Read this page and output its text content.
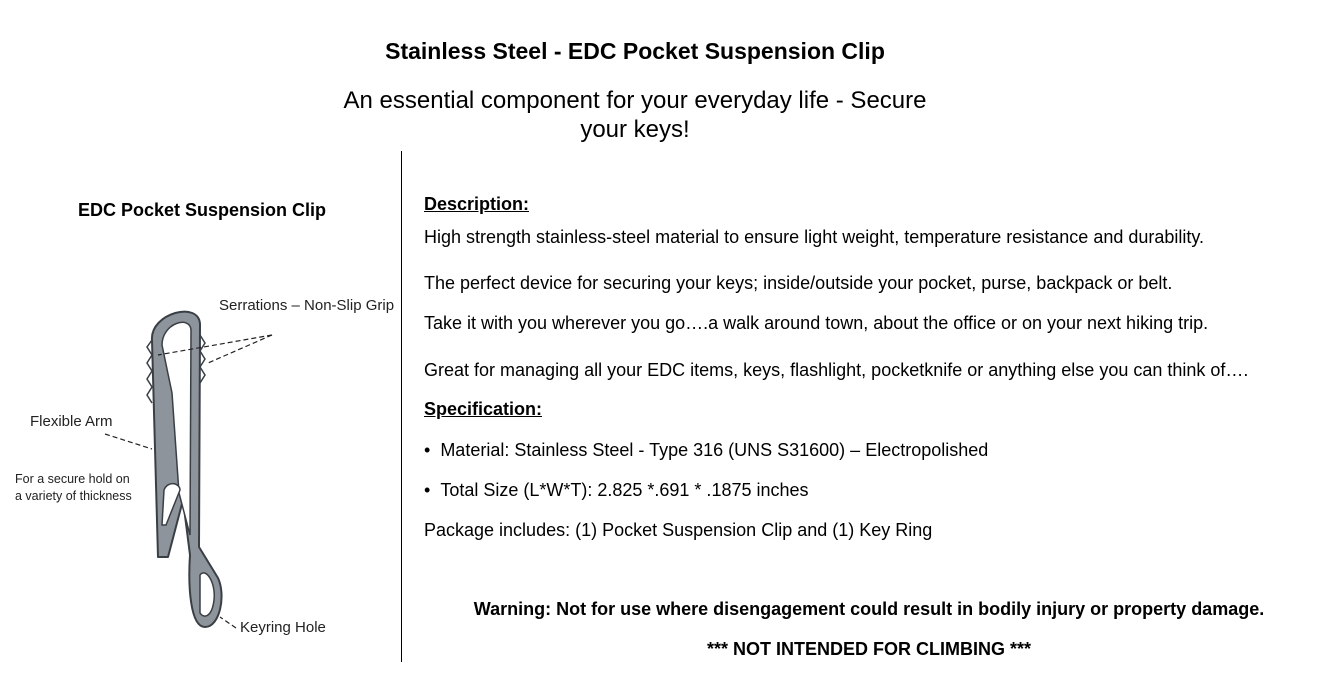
Stainless Steel - EDC Pocket Suspension Clip
An essential component for your everyday life - Secure your keys!
EDC Pocket Suspension Clip
Serrations – Non-Slip Grip
Flexible Arm
For a secure hold on
a variety of thickness
Keyring Hole
Description:
High strength stainless-steel material to ensure light weight, temperature resistance and durability.
The perfect device for securing your keys; inside/outside your pocket, purse, backpack or belt.
Take it with you wherever you go….a walk around town, about the office or on your next hiking trip.
Great for managing all your EDC items, keys, flashlight, pocketknife or anything else you can think of….
Specification:
• Material: Stainless Steel - Type 316 (UNS S31600) – Electropolished
• Total Size (L*W*T): 2.825 *.691 * .1875 inches
Package includes: (1) Pocket Suspension Clip and (1) Key Ring
Warning: Not for use where disengagement could result in bodily injury or property damage.
*** NOT INTENDED FOR CLIMBING ***
